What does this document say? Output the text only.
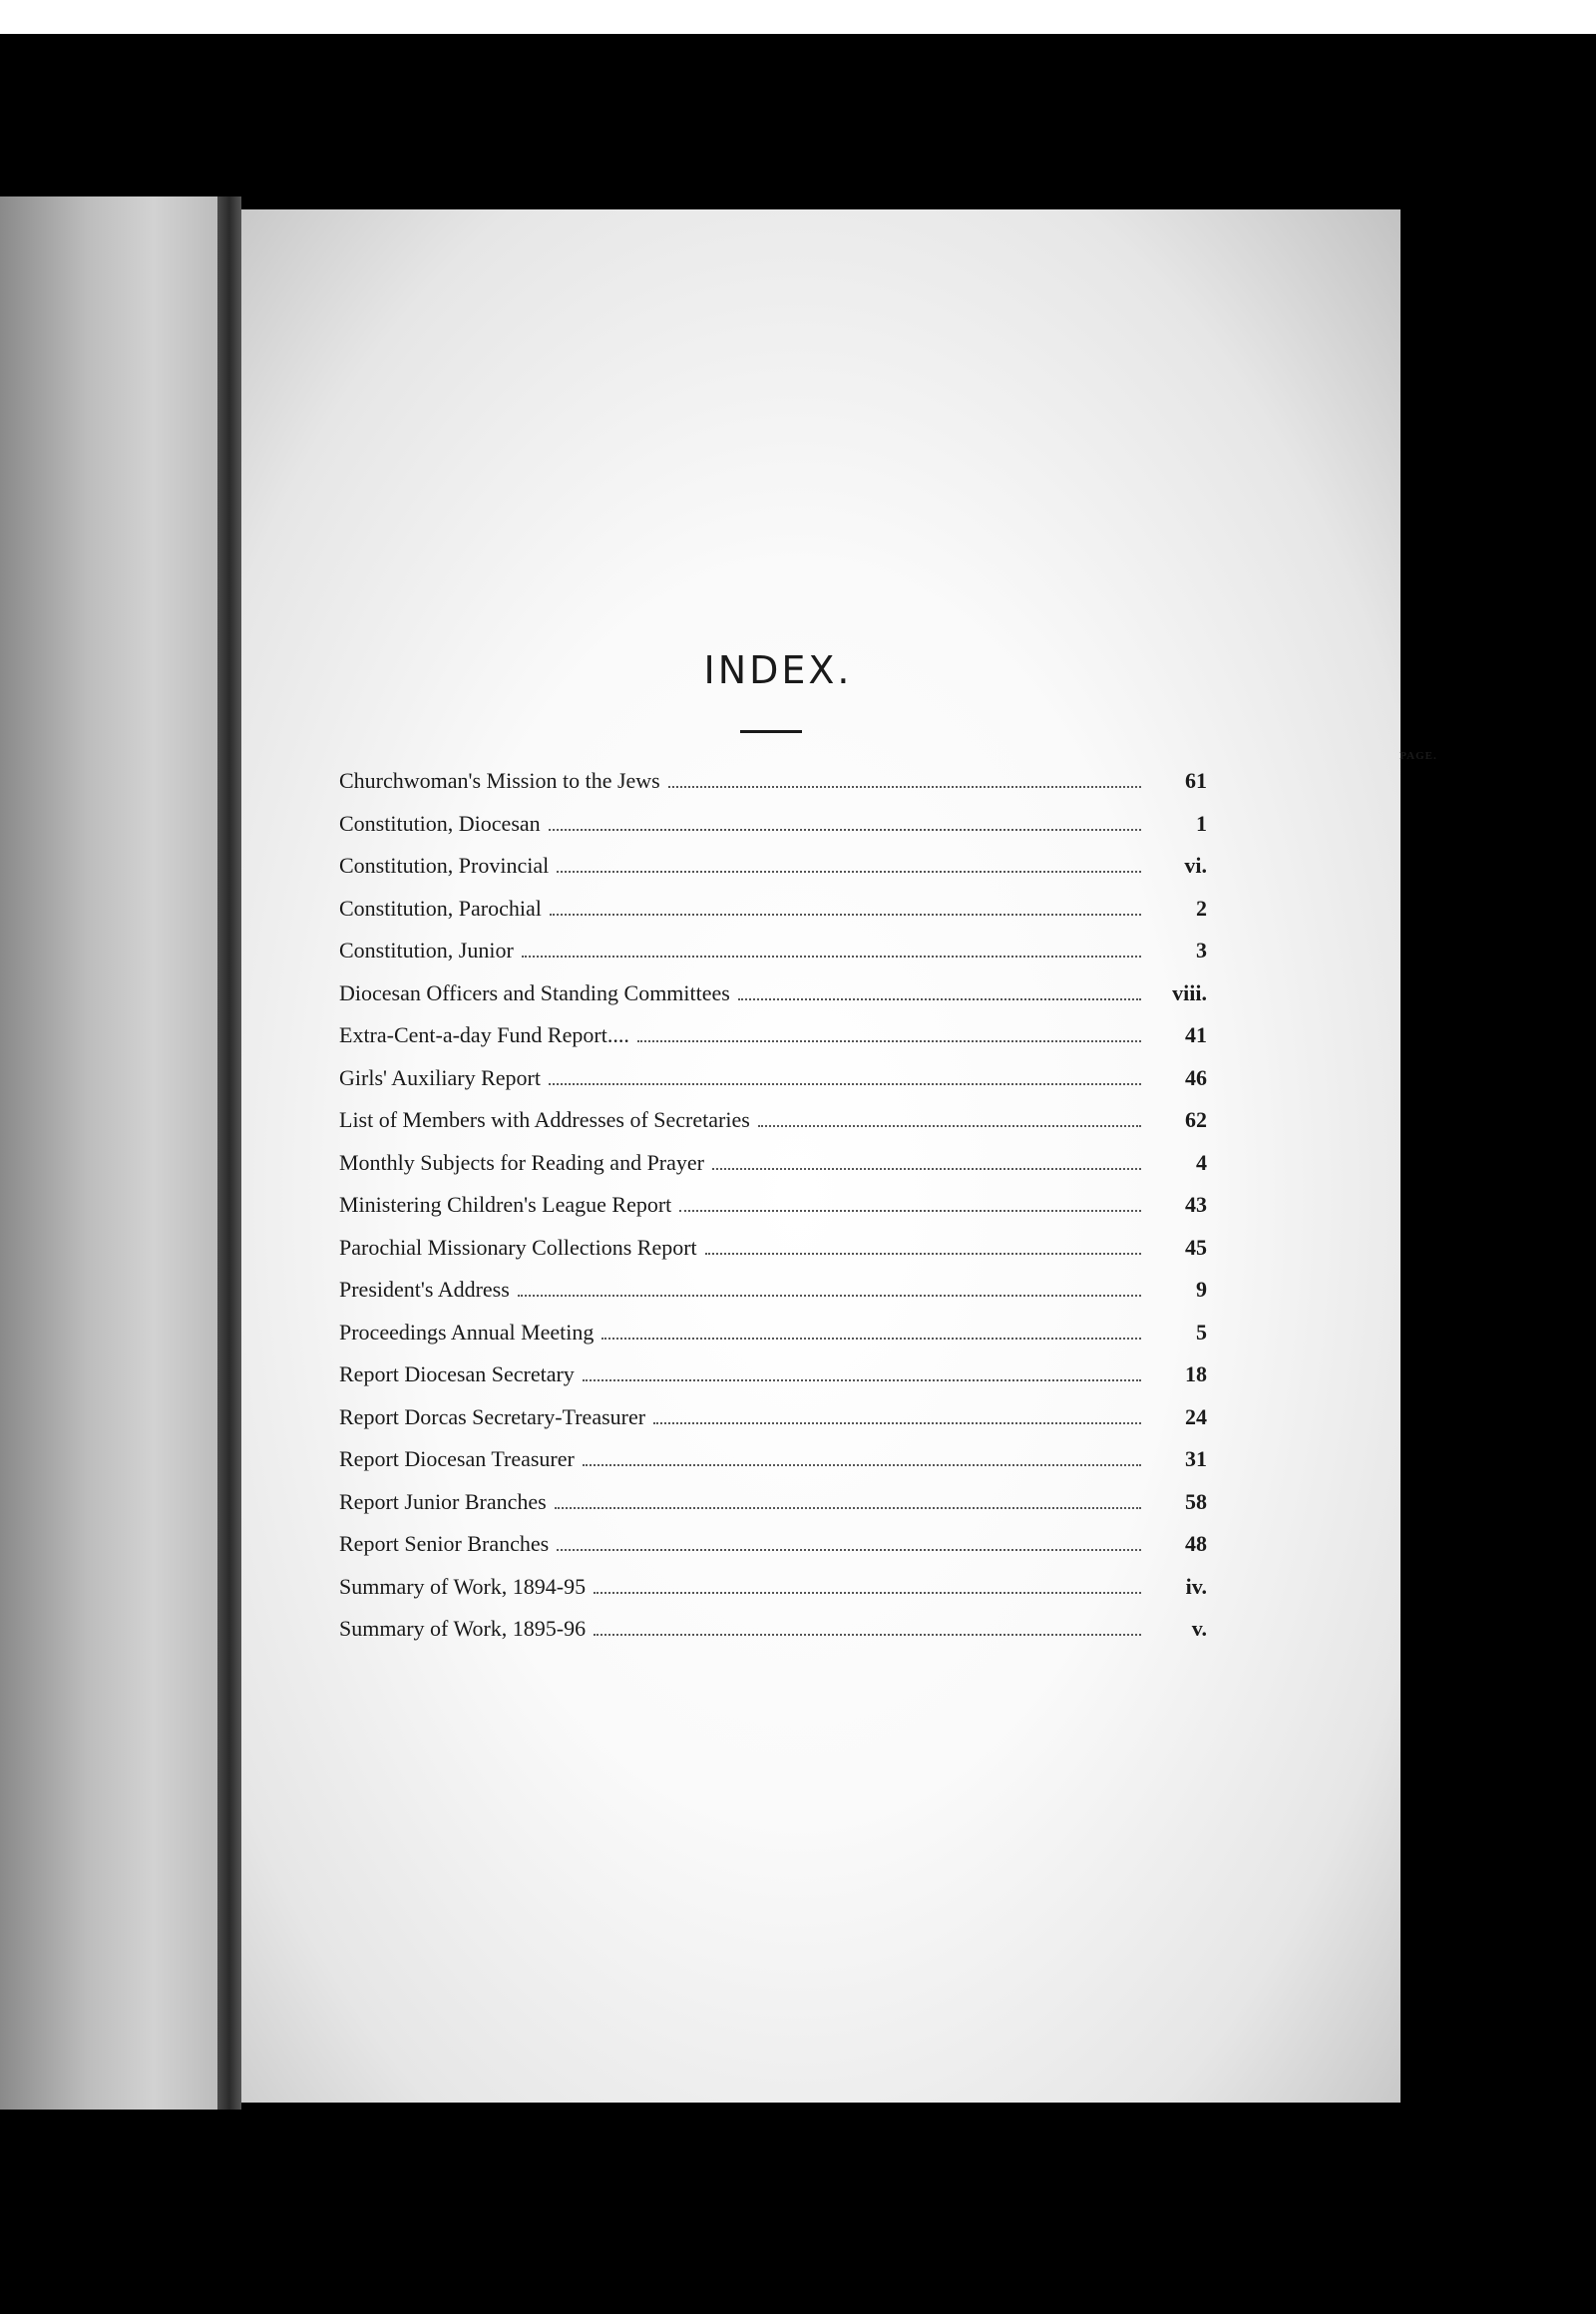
INDEX.
PAGE.
Churchwoman's Mission to the Jews	61
Constitution, Diocesan	1
Constitution, Provincial	vi.
Constitution, Parochial	2
Constitution, Junior	3
Diocesan Officers and Standing Committees	viii.
Extra-Cent-a-day Fund Report....	41
Girls' Auxiliary Report	46
List of Members with Addresses of Secretaries	62
Monthly Subjects for Reading and Prayer	4
Ministering Children's League Report	43
Parochial Missionary Collections Report	45
President's Address	9
Proceedings Annual Meeting	5
Report Diocesan Secretary	18
Report Dorcas Secretary-Treasurer	24
Report Diocesan Treasurer	31
Report Junior Branches	58
Report Senior Branches	48
Summary of Work, 1894-95	iv.
Summary of Work, 1895-96	v.
